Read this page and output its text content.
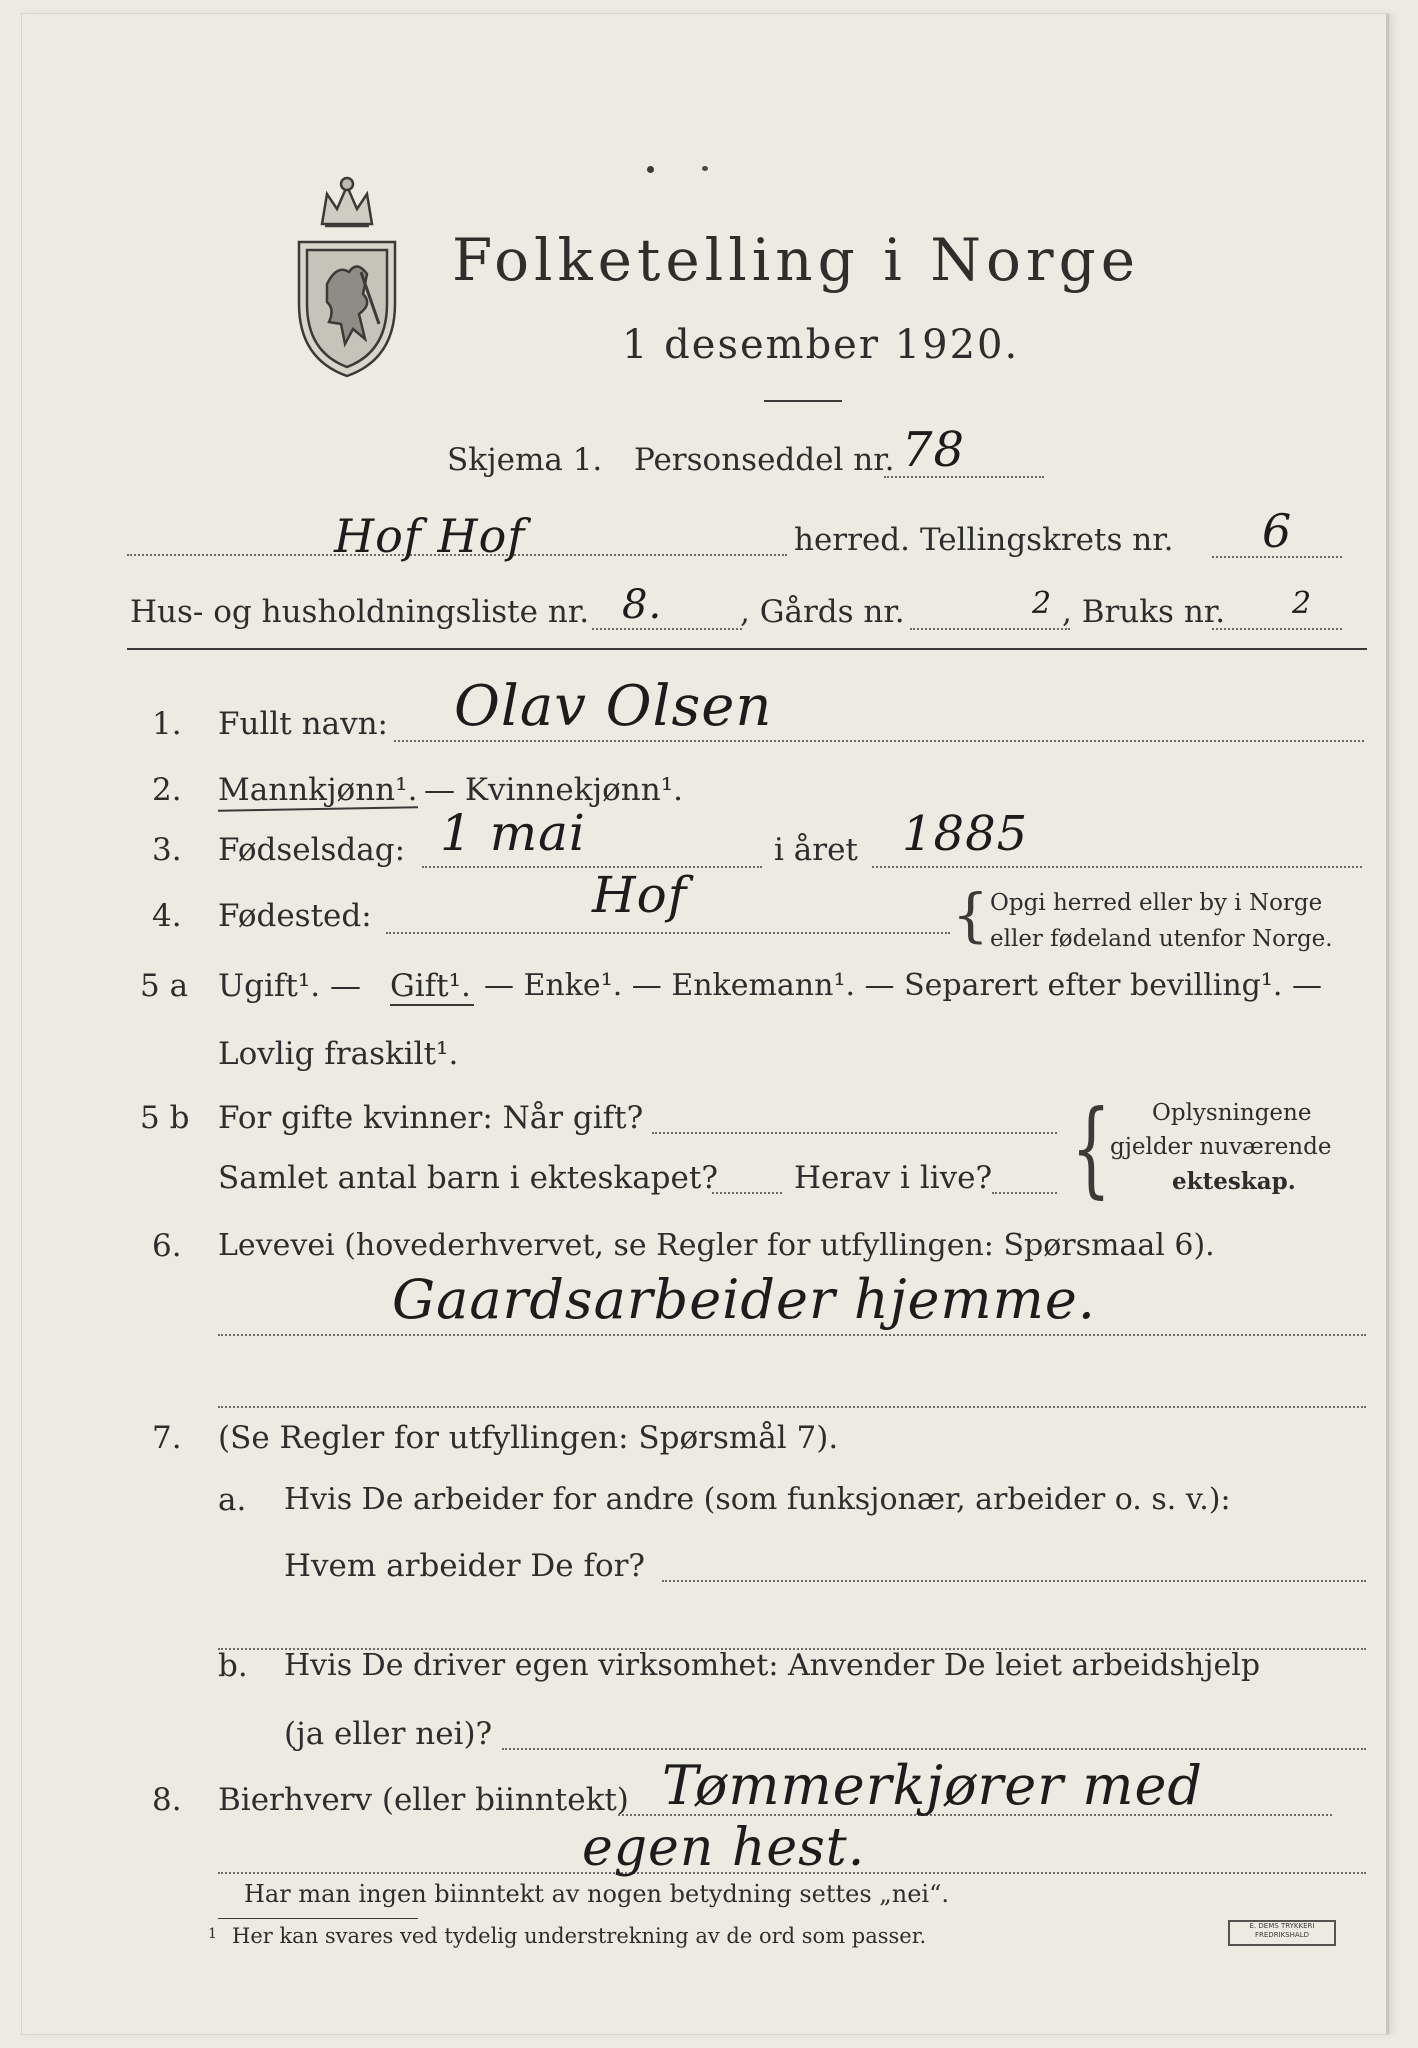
Folketelling i Norge
1 desember 1920.
Skjema 1. Personseddel nr. 78
Hof Hof	herred. Tellingskrets nr. 6
Hus- og husholdningsliste nr. 8.	, Gårds nr.	2 , Bruks nr. 2
1. Fullt navn: Olav Olsen
2. Mannkjønn¹. — Kvinnekjønn¹.
3. Fødselsdag: 1 mai	i året 1885
4. Fødested:	Hof	{ Opgi herred eller by i Norge
eller fødeland utenfor Norge.
5 a Ugift¹. — Gift¹. — Enke¹. — Enkemann¹. — Separert efter bevilling¹. —
Lovlig fraskilt¹.
5 b For gifte kvinner: Når gift?
Samlet antal barn i ekteskapet? Herav i live? { Oplysningene
gjelder nuværende
ekteskap.
6. Levevei (hovederhvervet, se Regler for utfyllingen: Spørsmaal 6).
Gaardsarbeider hjemme.
7. (Se Regler for utfyllingen: Spørsmål 7).
a. Hvis De arbeider for andre (som funksjonær, arbeider o. s. v.):
Hvem arbeider De for?
b. Hvis De driver egen virksomhet: Anvender De leiet arbeidshjelp
(ja eller nei)?
8. Bierhverv (eller biinntekt) Tømmerkjører med
egen hest.
Har man ingen biinntekt av nogen betydning settes „nei“.
1 Her kan svares ved tydelig understrekning av de ord som passer.	E. DEMS TRYKKERI
FREDRIKSHALD
